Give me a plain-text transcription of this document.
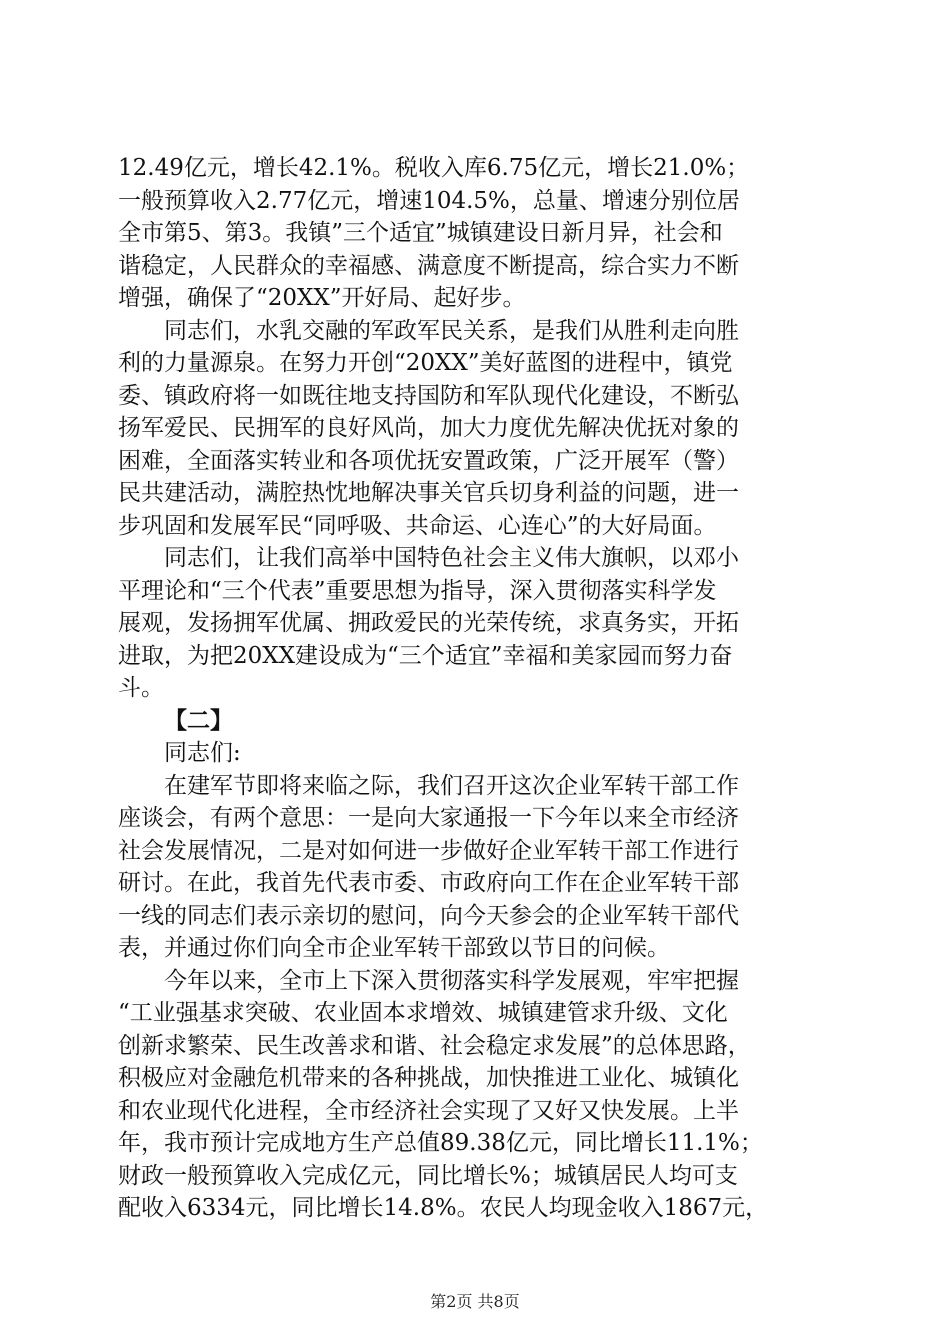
12.49亿元，增长42.1%。税收入库6.75亿元，增长21.0%；
一般预算收入2.77亿元，增速104.5%，总量、增速分别位居
全市第5、第3。我镇”三个适宜”城镇建设日新月异，社会和
谐稳定，人民群众的幸福感、满意度不断提高，综合实力不断
增强，确保了“20XX”开好局、起好步。
同志们，水乳交融的军政军民关系，是我们从胜利走向胜
利的力量源泉。在努力开创“20XX”美好蓝图的进程中，镇党
委、镇政府将一如既往地支持国防和军队现代化建设，不断弘
扬军爱民、民拥军的良好风尚，加大力度优先解决优抚对象的
困难，全面落实转业和各项优抚安置政策，广泛开展军（警）
民共建活动，满腔热忱地解决事关官兵切身利益的问题，进一
步巩固和发展军民“同呼吸、共命运、心连心”的大好局面。
同志们，让我们高举中国特色社会主义伟大旗帜，以邓小
平理论和“三个代表”重要思想为指导，深入贯彻落实科学发
展观，发扬拥军优属、拥政爱民的光荣传统，求真务实，开拓
进取，为把20XX建设成为“三个适宜”幸福和美家园而努力奋
斗。
【二】
同志们:
在建军节即将来临之际，我们召开这次企业军转干部工作
座谈会，有两个意思：一是向大家通报一下今年以来全市经济
社会发展情况，二是对如何进一步做好企业军转干部工作进行
研讨。在此，我首先代表市委、市政府向工作在企业军转干部
一线的同志们表示亲切的慰问，向今天参会的企业军转干部代
表，并通过你们向全市企业军转干部致以节日的问候。
今年以来，全市上下深入贯彻落实科学发展观，牢牢把握
“工业强基求突破、农业固本求增效、城镇建管求升级、文化
创新求繁荣、民生改善求和谐、社会稳定求发展”的总体思路，
积极应对金融危机带来的各种挑战，加快推进工业化、城镇化
和农业现代化进程，全市经济社会实现了又好又快发展。上半
年，我市预计完成地方生产总值89.38亿元，同比增长11.1%；
财政一般预算收入完成亿元，同比增长%；城镇居民人均可支
配收入6334元，同比增长14.8%。农民人均现金收入1867元，
第2页 共8页
